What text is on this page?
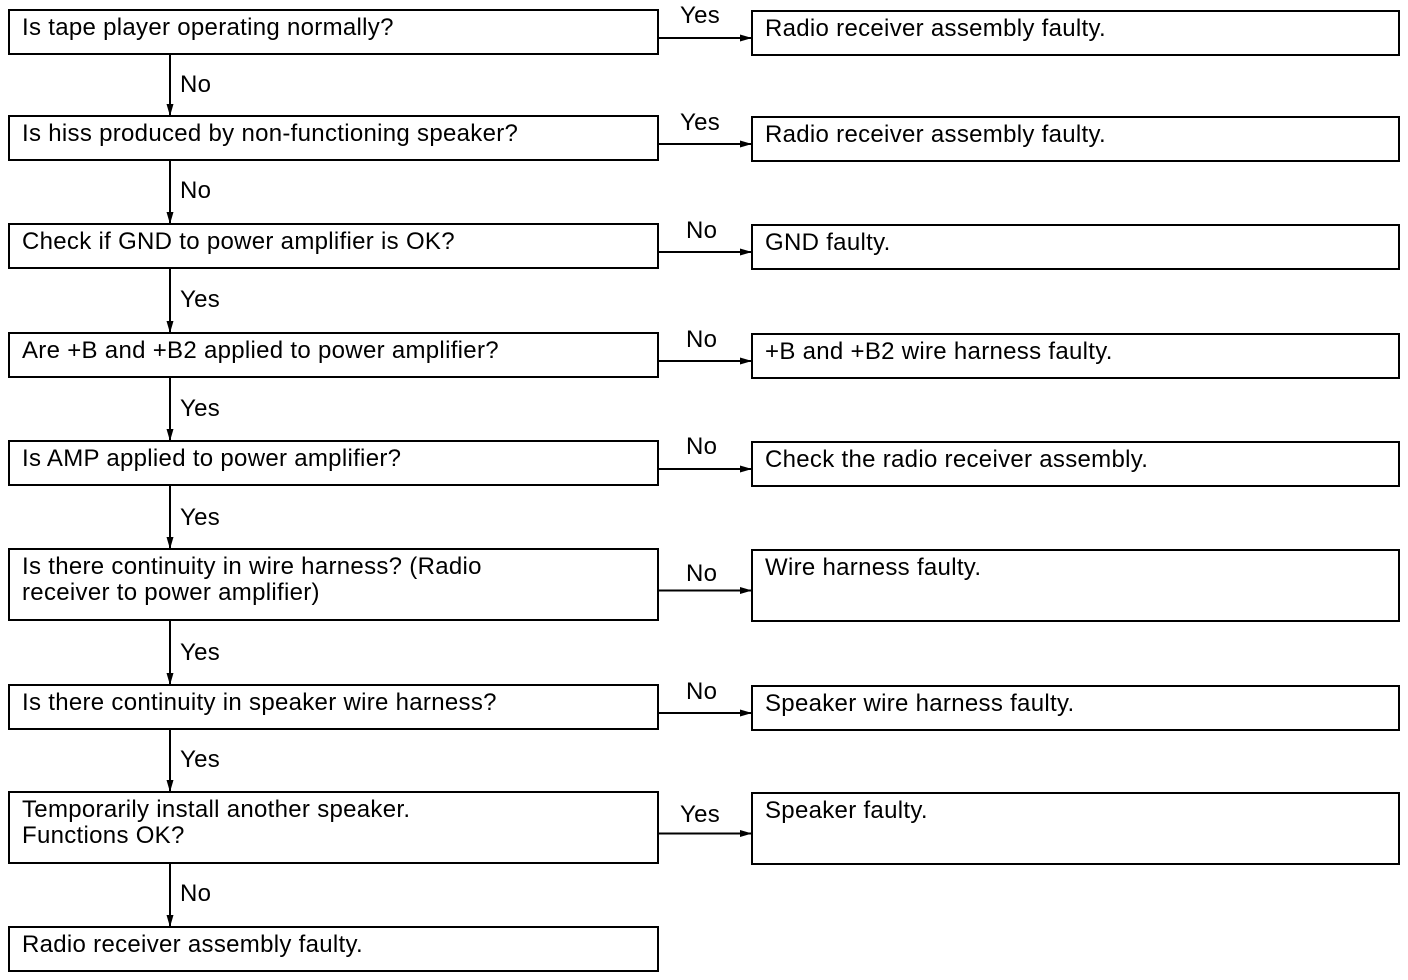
Is tape player operating normally?	Radio receiver assembly faulty.
Yes
No
Is hiss produced by non-functioning speaker?	Radio receiver assembly faulty.
Yes
No
Check if GND to power amplifier is OK?	GND faulty.
No
Yes
Are +B and +B2 applied to power amplifier?	+B and +B2 wire harness faulty.
No
Yes
Is AMP applied to power amplifier?	Check the radio receiver assembly.
No
Yes
Is there continuity in wire harness? (Radio
receiver to power amplifier)
Wire harness faulty.
No
Yes
Is there continuity in speaker wire harness?	Speaker wire harness faulty.
No
Yes
Temporarily install another speaker.
Functions OK?
Speaker faulty.
Yes
No
Radio receiver assembly faulty.
